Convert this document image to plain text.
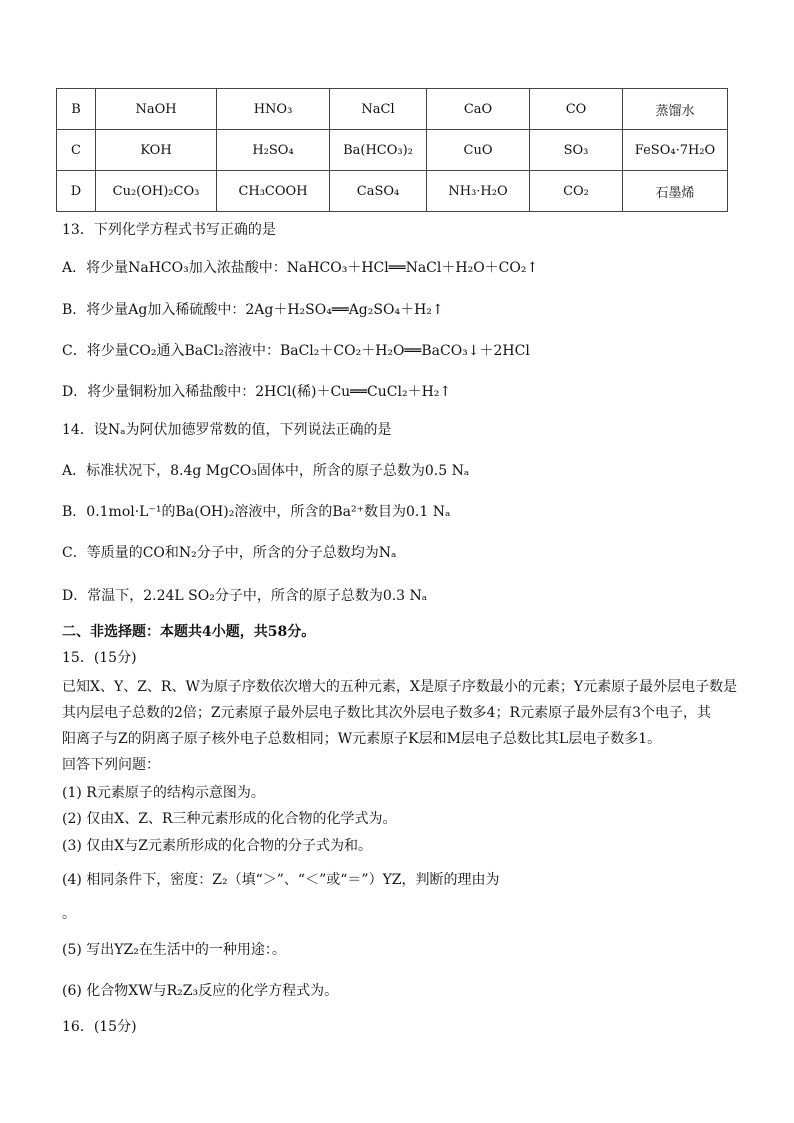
B	NaOH	HNO₃	NaCl	CaO	CO	蒸馏水
C	KOH	H₂SO₄	Ba(HCO₃)₂	CuO	SO₃	FeSO₄·7H₂O
D	Cu₂(OH)₂CO₃	CH₃COOH	CaSO₄	NH₃·H₂O	CO₂	石墨烯
13．下列化学方程式书写正确的是
A．将少量NaHCO₃加入浓盐酸中：NaHCO₃＋HCl══NaCl＋H₂O＋CO₂↑
B．将少量Ag加入稀硫酸中：2Ag＋H₂SO₄══Ag₂SO₄＋H₂↑
C．将少量CO₂通入BaCl₂溶液中：BaCl₂＋CO₂＋H₂O══BaCO₃↓＋2HCl
D．将少量铜粉加入稀盐酸中：2HCl(稀)＋Cu══CuCl₂＋H₂↑
14．设Nₐ为阿伏加德罗常数的值，下列说法正确的是
A．标准状况下，8.4g MgCO₃固体中，所含的原子总数为0.5 Nₐ
B．0.1mol·L⁻¹的Ba(OH)₂溶液中，所含的Ba²⁺数目为0.1 Nₐ
C．等质量的CO和N₂分子中，所含的分子总数均为Nₐ
D．常温下，2.24L SO₂分子中，所含的原子总数为0.3 Nₐ
二、非选择题：本题共4小题，共58分。
15．(15分)
已知X、Y、Z、R、W为原子序数依次增大的五种元素，X是原子序数最小的元素；Y元素原子最外层电子数是
其内层电子总数的2倍；Z元素原子最外层电子数比其次外层电子数多4；R元素原子最外层有3个电子，其
阳离子与Z的阴离子原子核外电子总数相同；W元素原子K层和M层电子总数比其L层电子数多1。
回答下列问题：
(1) R元素原子的结构示意图为。
(2) 仅由X、Z、R三种元素形成的化合物的化学式为。
(3) 仅由X与Z元素所形成的化合物的分子式为和。
(4) 相同条件下，密度：Z₂（填“＞”、“＜”或“＝”）YZ，判断的理由为
。
(5) 写出YZ₂在生活中的一种用途：。
(6) 化合物XW与R₂Z₃反应的化学方程式为。
16．(15分)
